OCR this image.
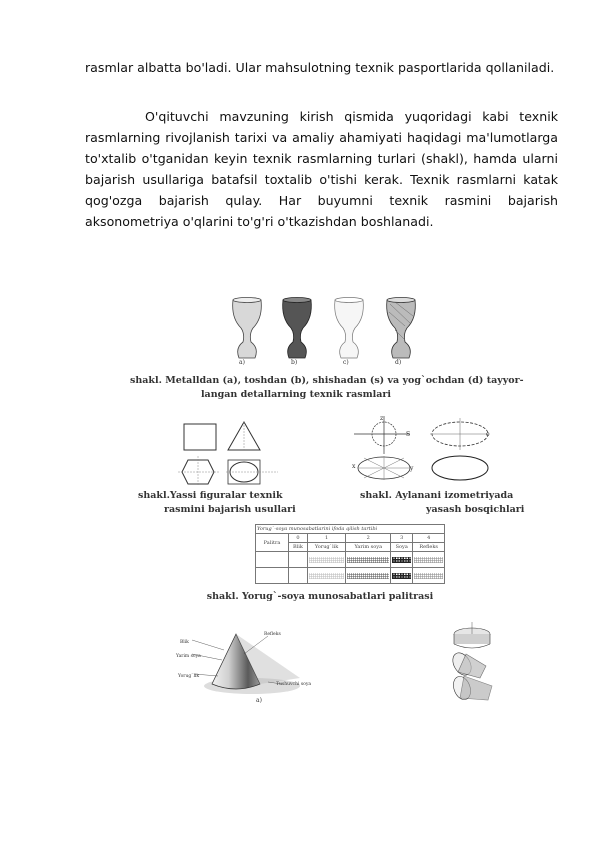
rasmlar albatta bo'ladi. Ular mahsulotning texnik pasportlarida qollaniladi.

O'qituvchi mavzuning kirish qismida yuqoridagi kabi texnik rasmlarning rivojlanish tarixi va amaliy ahamiyati haqidagi ma'lumotlarga to'xtalib o'tganidan keyin texnik rasmlarning turlari (shakl), hamda ularni bajarish usullariga batafsil toxtalib o'tishi kerak. Texnik rasmlarni katak qog'ozga bajarish qulay. Har buyumni texnik rasmini bajarish aksonometriya o'qlarini to'g'ri o'tkazishdan boshlanadi.

a)	b)	c)	d)
shakl. Metalldan (a), toshdan (b), shishadan (s) va yog`ochdan (d) tayyor-
langan detallarning texnik rasmlari
shakl.Yassi figuralar texnik
rasmini bajarish usullari
z
S	c
x	y
shakl. Aylanani izometriyada
yasash bosqichlari
Yorug`-soya munosabatlarini ifoda qilish tartibi					
Palitra	0	1	2	3	4
	Blik	Yorug`lik	Yarim soya	Soya	Refleks

shakl. Yorug`-soya munosabatlari palitrasi
Refleks
Blik
Yarim soya
Yorug`lik
Tushuvchi soya
a)
